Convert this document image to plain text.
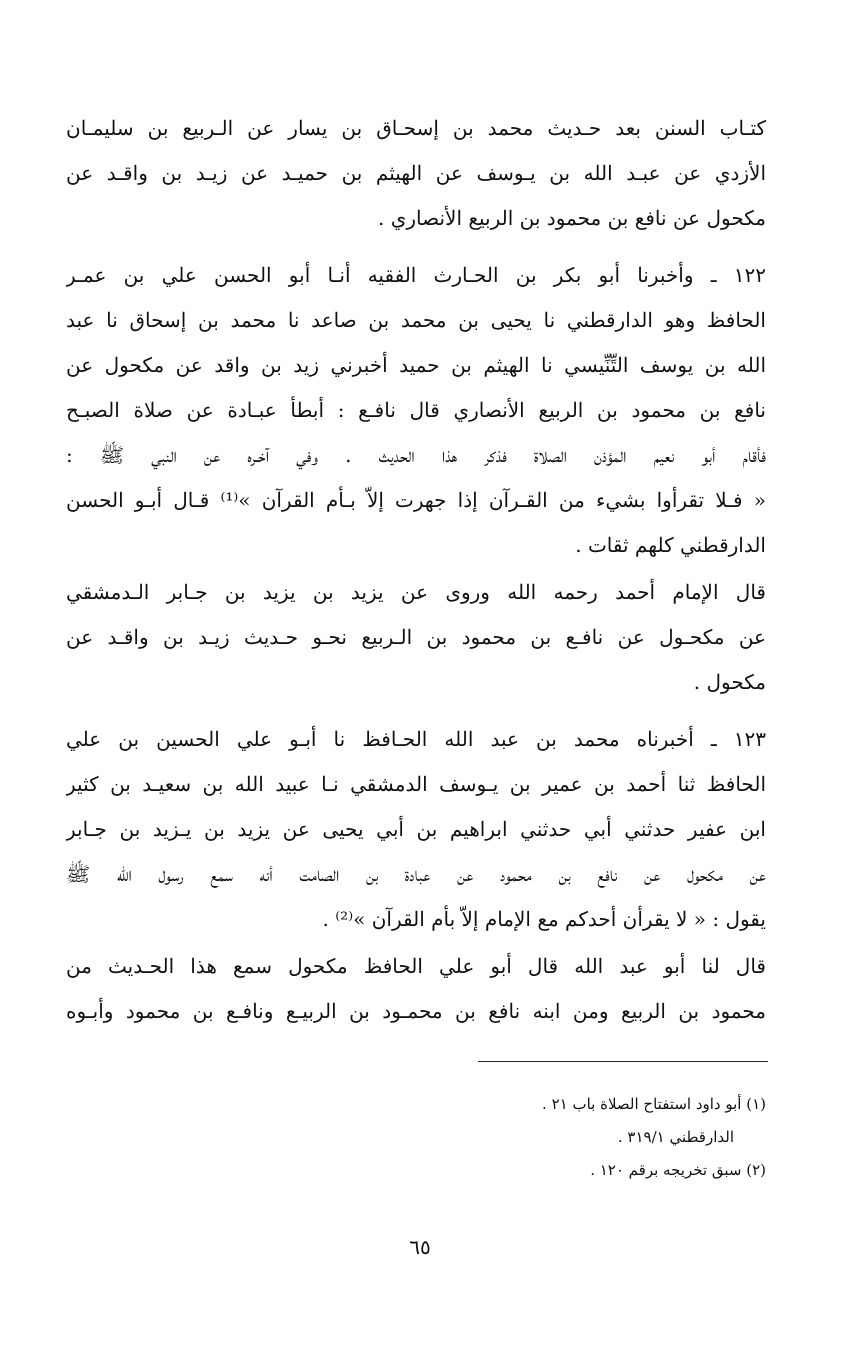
كتـاب السنن بعد حـديث محمد بن إسحـاق بن يسار عن الـربيع بن سليمـان
الأزدي عن عبـد الله بن يـوسف عن الهيثم بن حميـد عن زيـد بن واقـد عن
مكحول عن نافع بن محمود بن الربيع الأنصاري .
١٢٢ ـ وأخبرنا أبو بكر بن الحـارث الفقيه أنـا أبو الحسن علي بن عمـر
الحافظ وهو الدارقطني نا يحيى بن محمد بن صاعد نا محمد بن إسحاق نا عبد
الله بن يوسف التِّنِّيسي نا الهيثم بن حميد أخبرني زيد بن واقد عن مكحول عن
نافع بن محمود بن الربيع الأنصاري قال نافـع : أبطأ عبـادة عن صلاة الصبـح
فأقام أبو نعيم المؤذن الصلاة فذكر هذا الحديث . وفي آخـره عن النبي ﷺ :
« فـلا تقرأوا بشيء من القـرآن إذا جهرت إلاّ بـأم القرآن »⁽¹⁾ قـال أبـو الحسن
الدارقطني كلهم ثقات .
قال الإمام أحمد رحمه الله وروى عن يزيد بن يزيد بن جـابر الـدمشقي
عن مكحـول عن نافـع بن محمود بن الـربيع نحـو حـديث زيـد بن واقـد عن
مكحول .
١٢٣ ـ أخبرناه محمد بن عبد الله الحـافظ نا أبـو علي الحسين بن علي
الحافظ ثنا أحمد بن عمير بن يـوسف الدمشقي نـا عبيد الله بن سعيـد بن كثير
ابن عفير حدثني أبي حدثني ابراهيم بن أبي يحيى عن يزيد بن يـزيد بن جـابر
عن مكحول عن نافع بن محمود عن عبادة بن الصامت أنه سمع رسول الله ﷺ
يقول : « لا يقرأن أحدكم مع الإمام إلاّ بأم القرآن »⁽²⁾ .
قال لنا أبو عبد الله قال أبو علي الحافظ مكحول سمع هذا الحـديث من
محمود بن الربيع ومن ابنه نافع بن محمـود بن الربيـع ونافـع بن محمود وأبـوه
(١) أبو داود استفتاح الصلاة باب ٢١ .
الدارقطني ٣١٩/١ .
(٢) سبق تخريجه برقم ١٢٠ .
٦٥
